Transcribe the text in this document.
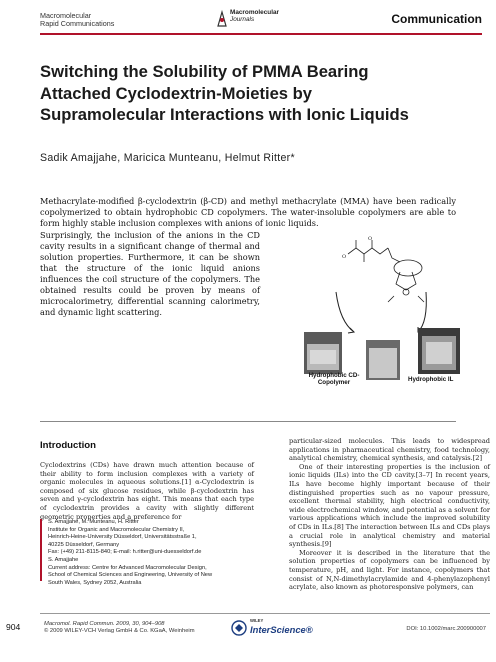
Macromolecular
Rapid Communications
Macromolecular
Journals	Communication
Switching the Solubility of PMMA Bearing
Attached Cyclodextrin-Moieties by
Supramolecular Interactions with Ionic Liquids
Sadik Amajjahe, Maricica Munteanu, Helmut Ritter*
Methacrylate-modified β-cyclodextrin (β-CD) and methyl methacrylate (MMA) have been radically copolymerized to obtain hydrophobic CD copolymers. The water-insoluble copolymers are able to form highly stable inclusion complexes with anions of ionic liquids.
Surprisingly, the inclusion of the anions in the CD cavity results in a significant change of thermal and solution properties. Furthermore, it can be shown that the structure of the ionic liquid anions influences the coil structure of the copolymers. The obtained results could be proven by means of microcalorimetry, differential scanning calorimetry, and dynamic light scattering.
O
O
Hydrophobic CD-Copolymer	Hydrophobic IL
Introduction

Cyclodextrins (CDs) have drawn much attention because of their ability to form inclusion complexes with a variety of organic molecules in aqueous solutions.[1] α-Cyclodextrin is composed of six glucose residues, while β-cyclodextrin has seven and γ-cyclodextrin has eight. This means that each type of cyclodextrin provides a cavity with slightly different geometric properties and a preference for

particular-sized molecules. This leads to widespread applications in pharmaceutical chemistry, food technology, analytical chemistry, chemical synthesis, and catalysis.[2]

One of their interesting properties is the inclusion of ionic liquids (ILs) into the CD cavity.[3–7] In recent years, ILs have become highly important because of their distinguished properties such as no vapour pressure, excellent thermal stability, high electrical conductivity, wide electrochemical window, and potential as a solvent for various applications which include the improved solubility of CDs in ILs.[8] The interaction between ILs and CDs plays a crucial role in analytical chemistry and material synthesis.[9]

Moreover it is described in the literature that the solution properties of copolymers can be influenced by temperature, pH, and light. For instance, copolymers that consist of N,N-dimethylacrylamide and 4-phenylazophenyl acrylate, also known as photoresponsive polymers, can

S. Amajjahe, M. Munteanu, H. Ritter
Institute for Organic and Macromolecular Chemistry II,
Heinrich-Heine-University Düsseldorf, Universitätsstraße 1,
40225 Düsseldorf, Germany
Fax: (+49) 211-8115-840; E-mail: h.ritter@uni-duesseldorf.de
S. Amajjahe
Current address: Centre for Advanced Macromolecular Design,
School of Chemical Sciences and Engineering, University of New
South Wales, Sydney 2052, Australia
904	Macromol. Rapid Commun. 2009, 30, 904–908
© 2009 WILEY-VCH Verlag GmbH & Co. KGaA, Weinheim
WILEY
InterScience®	DOI: 10.1002/marc.200900007
